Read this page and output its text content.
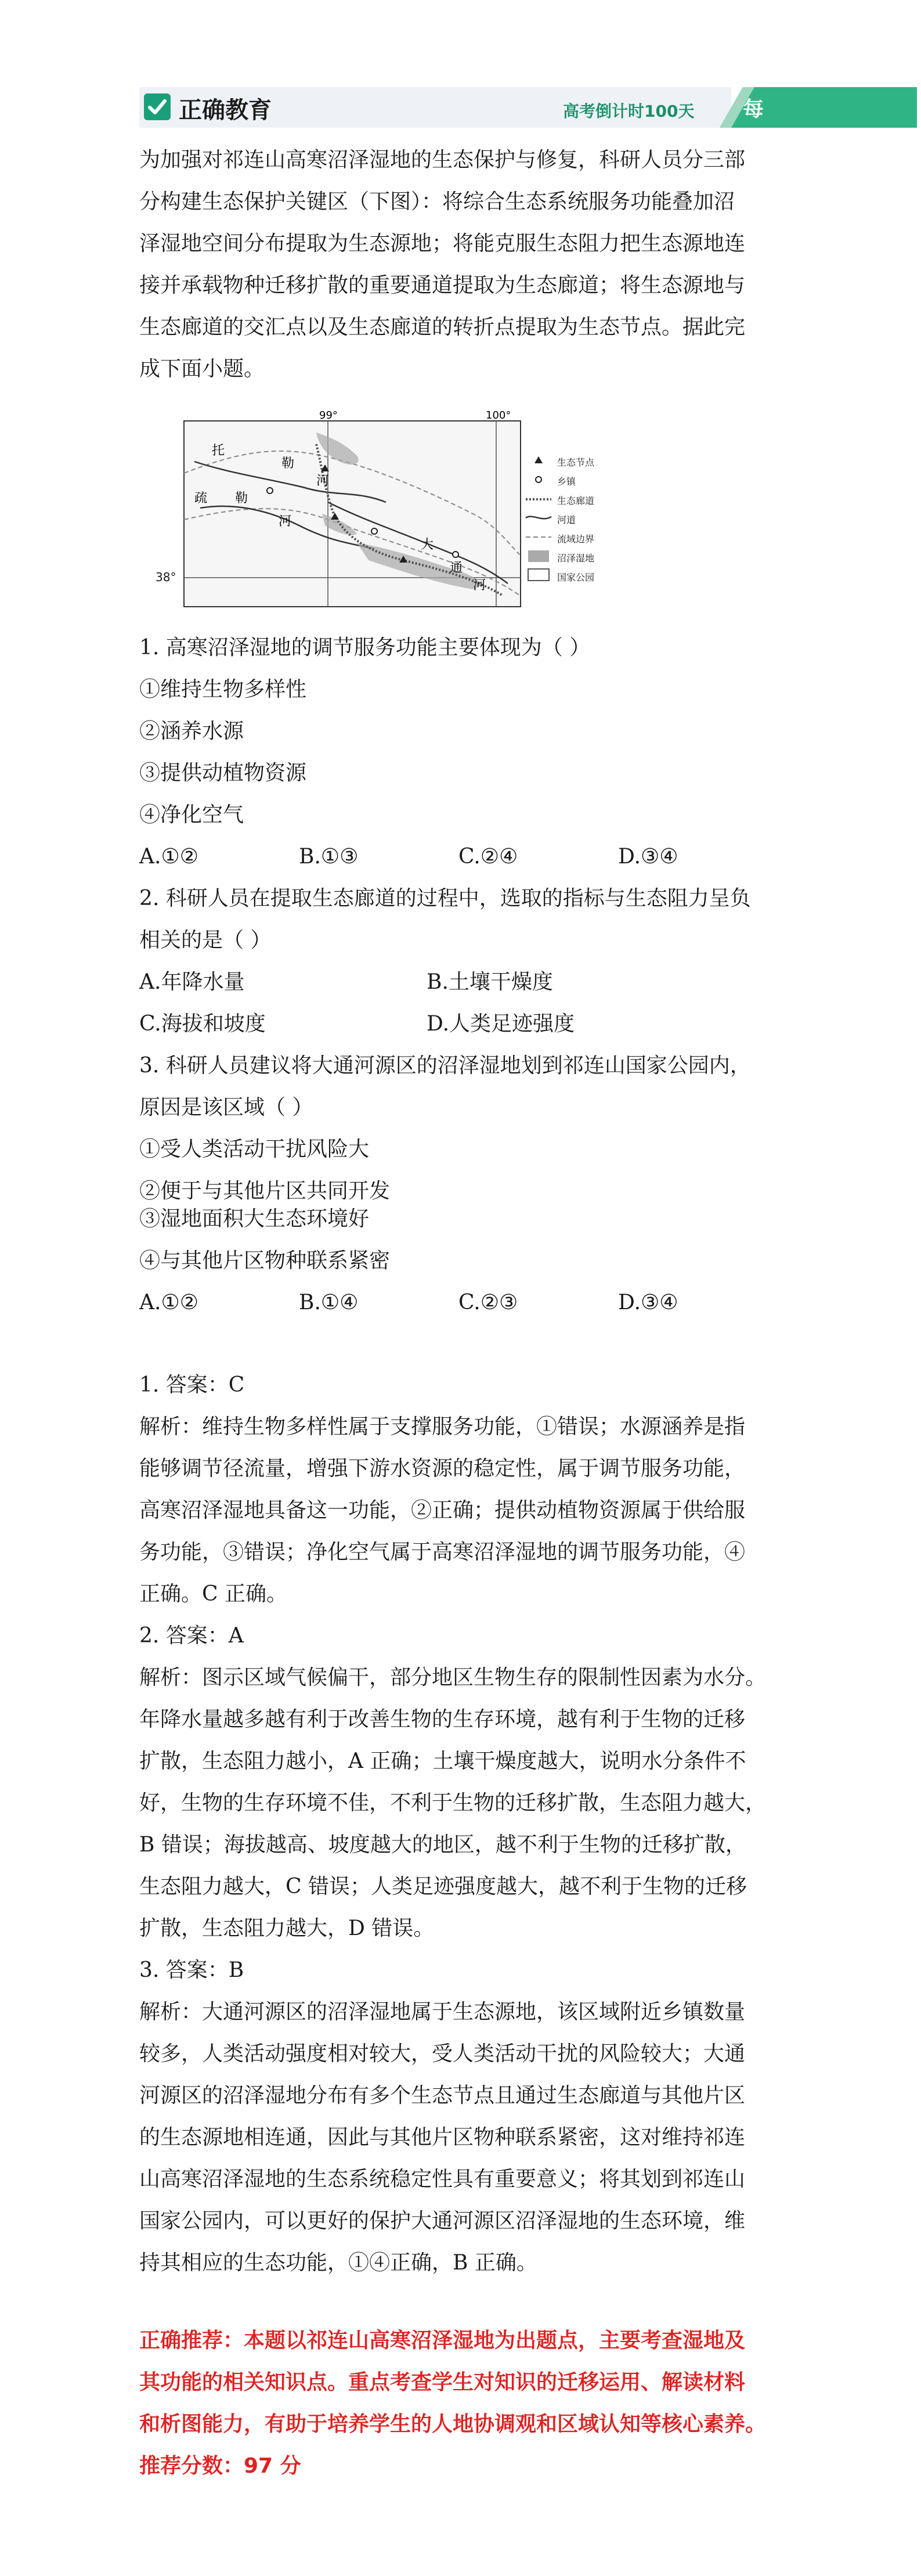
正确教育	高考倒计时100天 每日一题
为加强对祁连山高寒沼泽湿地的生态保护与修复，科研人员分三部
分构建生态保护关键区（下图）：将综合生态系统服务功能叠加沼
泽湿地空间分布提取为生态源地；将能克服生态阻力把生态源地连
接并承载物种迁移扩散的重要通道提取为生态廊道；将生态源地与
生态廊道的交汇点以及生态廊道的转折点提取为生态节点。据此完
成下面小题。
托
勒
疏 勒
河
河
大
通
河
99°	100°
38°
生态节点
乡镇
生态廊道
河道
流域边界
沼泽湿地
国家公园
1. 高寒沼泽湿地的调节服务功能主要体现为（ ）
①维持生物多样性
②涵养水源
③提供动植物资源
④净化空气
A.①②	B.①③	C.②④	D.③④
2. 科研人员在提取生态廊道的过程中，选取的指标与生态阻力呈负
相关的是（ ）
A.年降水量	B.土壤干燥度
C.海拔和坡度	D.人类足迹强度
3. 科研人员建议将大通河源区的沼泽湿地划到祁连山国家公园内，
原因是该区域（ ）
①受人类活动干扰风险大
②便于与其他片区共同开发
③湿地面积大生态环境好
④与其他片区物种联系紧密
A.①②	B.①④	C.②③	D.③④
1. 答案：C
解析：维持生物多样性属于支撑服务功能，①错误；水源涵养是指
能够调节径流量，增强下游水资源的稳定性，属于调节服务功能，
高寒沼泽湿地具备这一功能，②正确；提供动植物资源属于供给服
务功能，③错误；净化空气属于高寒沼泽湿地的调节服务功能，④
正确。C 正确。
2. 答案：A
解析：图示区域气候偏干，部分地区生物生存的限制性因素为水分。
年降水量越多越有利于改善生物的生存环境，越有利于生物的迁移
扩散，生态阻力越小，A 正确；土壤干燥度越大，说明水分条件不
好，生物的生存环境不佳，不利于生物的迁移扩散，生态阻力越大，
B 错误；海拔越高、坡度越大的地区，越不利于生物的迁移扩散，
生态阻力越大，C 错误；人类足迹强度越大，越不利于生物的迁移
扩散，生态阻力越大，D 错误。
3. 答案：B
解析：大通河源区的沼泽湿地属于生态源地，该区域附近乡镇数量
较多，人类活动强度相对较大，受人类活动干扰的风险较大；大通
河源区的沼泽湿地分布有多个生态节点且通过生态廊道与其他片区
的生态源地相连通，因此与其他片区物种联系紧密，这对维持祁连
山高寒沼泽湿地的生态系统稳定性具有重要意义；将其划到祁连山
国家公园内，可以更好的保护大通河源区沼泽湿地的生态环境，维
持其相应的生态功能，①④正确，B 正确。
正确推荐：本题以祁连山高寒沼泽湿地为出题点，主要考查湿地及
其功能的相关知识点。重点考查学生对知识的迁移运用、解读材料
和析图能力，有助于培养学生的人地协调观和区域认知等核心素养。
推荐分数：97 分
